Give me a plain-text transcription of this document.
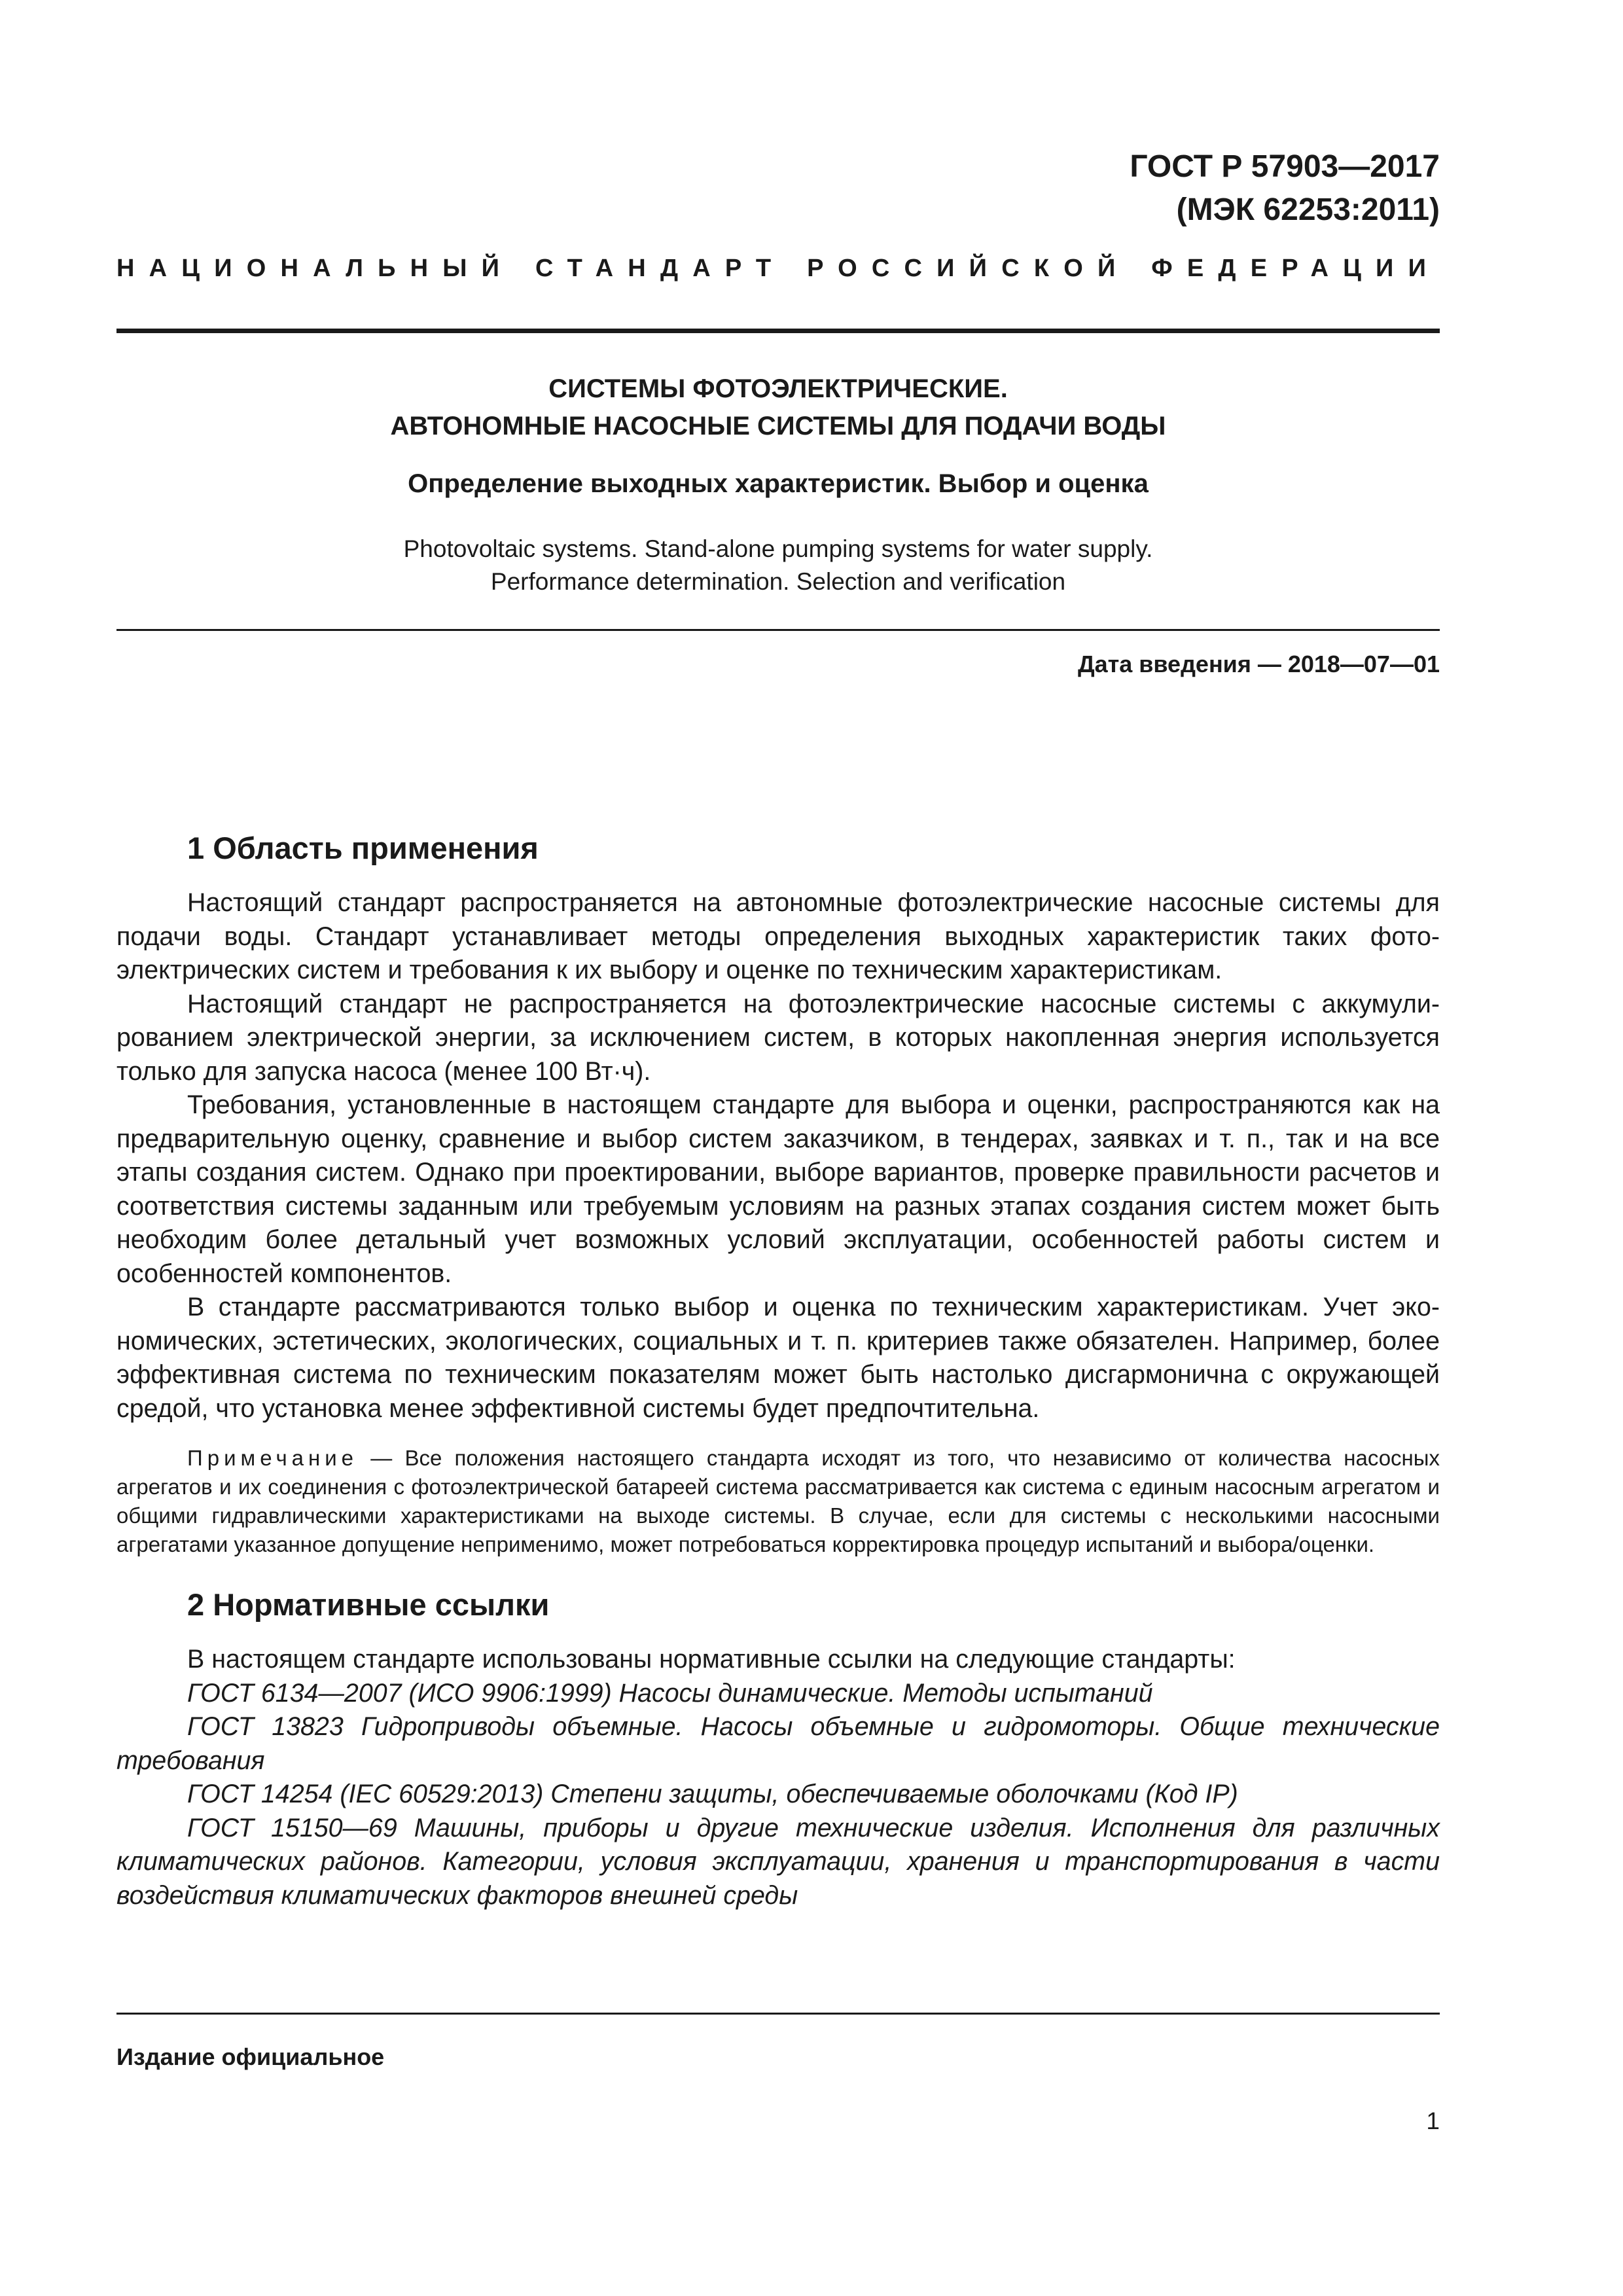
ГОСТ Р 57903—2017
(МЭК 62253:2011)
НАЦИОНАЛЬНЫЙ СТАНДАРТ РОССИЙСКОЙ ФЕДЕРАЦИИ
СИСТЕМЫ ФОТОЭЛЕКТРИЧЕСКИЕ.
АВТОНОМНЫЕ НАСОСНЫЕ СИСТЕМЫ ДЛЯ ПОДАЧИ ВОДЫ
Определение выходных характеристик. Выбор и оценка
Photovoltaic systems. Stand-alone pumping systems for water supply.
Performance determination. Selection and verification
Дата введения — 2018—07—01
1 Область применения

Настоящий стандарт распространяется на автономные фотоэлектрические насосные системы для подачи воды. Стандарт устанавливает методы определения выходных характеристик таких фотоэлектрических систем и требования к их выбору и оценке по техническим характеристикам.

Настоящий стандарт не распространяется на фотоэлектрические насосные системы с аккумулированием электрической энергии, за исключением систем, в которых накопленная энергия используется только для запуска насоса (менее 100 Вт·ч).

Требования, установленные в настоящем стандарте для выбора и оценки, распространяются как на предварительную оценку, сравнение и выбор систем заказчиком, в тендерах, заявках и т. п., так и на все этапы создания систем. Однако при проектировании, выборе вариантов, проверке правильности расчетов и соответствия системы заданным или требуемым условиям на разных этапах создания систем может быть необходим более детальный учет возможных условий эксплуатации, особенностей работы систем и особенностей компонентов.

В стандарте рассматриваются только выбор и оценка по техническим характеристикам. Учет экономических, эстетических, экологических, социальных и т. п. критериев также обязателен. Например, более эффективная система по техническим показателям может быть настолько дисгармонична с окружающей средой, что установка менее эффективной системы будет предпочтительна.

Примечание — Все положения настоящего стандарта исходят из того, что независимо от количества насосных агрегатов и их соединения с фотоэлектрической батареей система рассматривается как система с единым насосным агрегатом и общими гидравлическими характеристиками на выходе системы. В случае, если для системы с несколькими насосными агрегатами указанное допущение неприменимо, может потребоваться корректировка процедур испытаний и выбора/оценки.

2 Нормативные ссылки

В настоящем стандарте использованы нормативные ссылки на следующие стандарты:

ГОСТ 6134—2007 (ИСО 9906:1999) Насосы динамические. Методы испытаний

ГОСТ 13823 Гидроприводы объемные. Насосы объемные и гидромоторы. Общие технические требования

ГОСТ 14254 (IEC 60529:2013) Степени защиты, обеспечиваемые оболочками (Код IP)

ГОСТ 15150—69 Машины, приборы и другие технические изделия. Исполнения для различных климатических районов. Категории, условия эксплуатации, хранения и транспортирования в части воздействия климатических факторов внешней среды

Издание официальное
1
